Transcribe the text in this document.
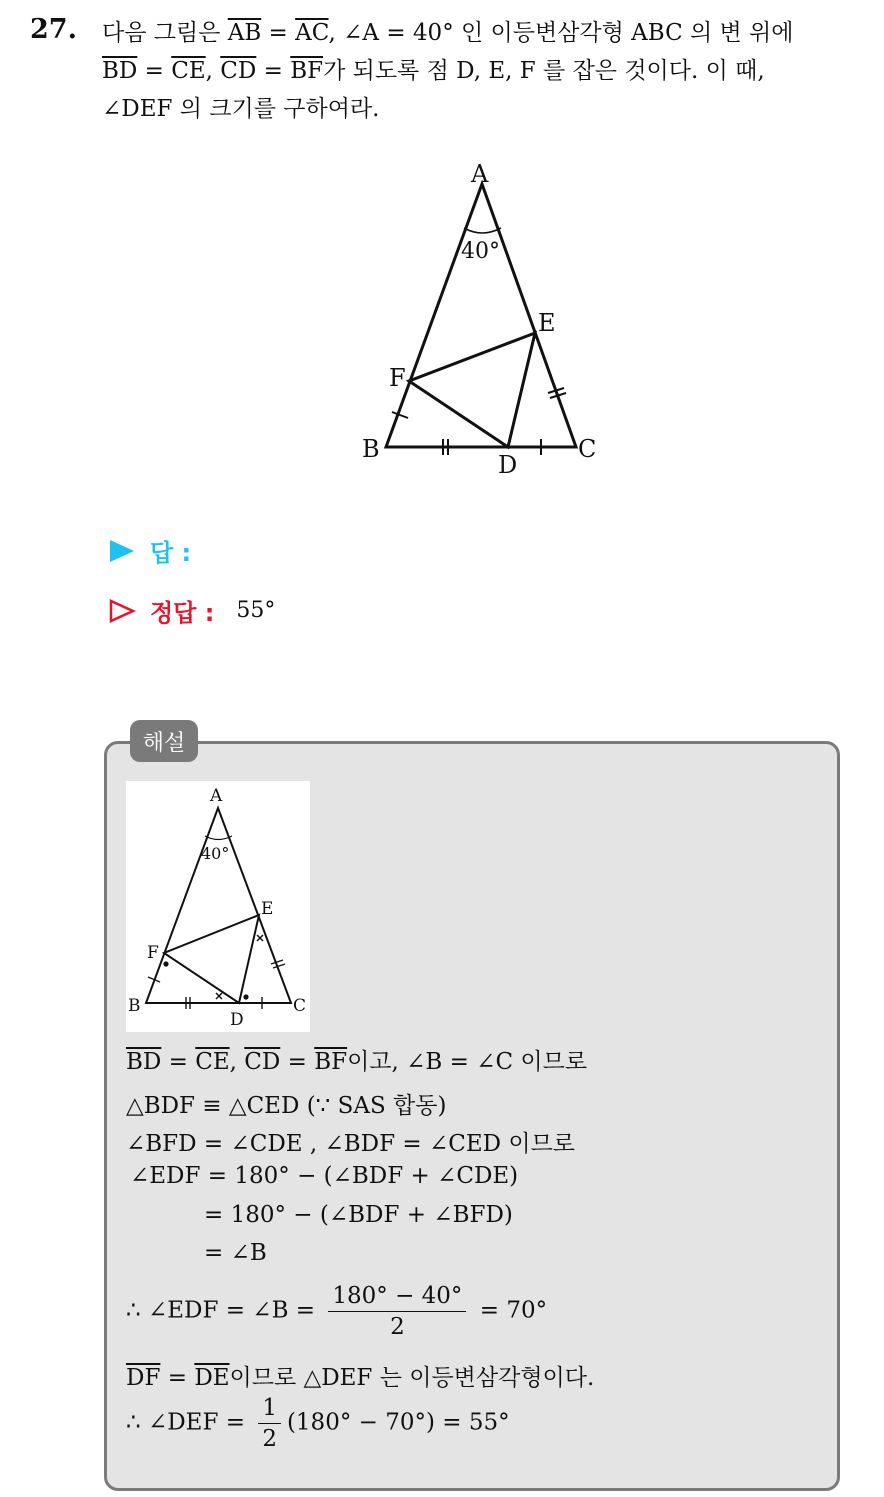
27. 다음 그림은 $\overline{AB} = \overline{AC}$, ∠A = 40° 인 이등변삼각형 ABC 의 변 위에
$\overline{BD} = \overline{CE}$, $\overline{CD} = \overline{BF}$가 되도록 점 D, E, F 를 잡은 것이다. 이 때,
∠DEF 의 크기를 구하여라.
A
B	C
D
E
F
40°
답 :
정답 : 55°
해설
A
B	C
D
E
F
40°
$\overline{BD} = \overline{CE}$, $\overline{CD} = \overline{BF}$이고, ∠B = ∠C 이므로
△BDF ≡ △CED (∵ SAS 합동)
∠BFD = ∠CDE , ∠BDF = ∠CED 이므로
∠EDF = 180° − (∠BDF + ∠CDE)
= 180° − (∠BDF + ∠BFD)
= ∠B
∴ ∠EDF = ∠B = $\frac{180^\circ - 40^\circ}{2} = 70^\circ$
$\overline{DF} = \overline{DE}$이므로 △DEF 는 이등변삼각형이다.
∴ ∠DEF = $\frac{1}{2} (180^\circ - 70^\circ) = 55^\circ$
